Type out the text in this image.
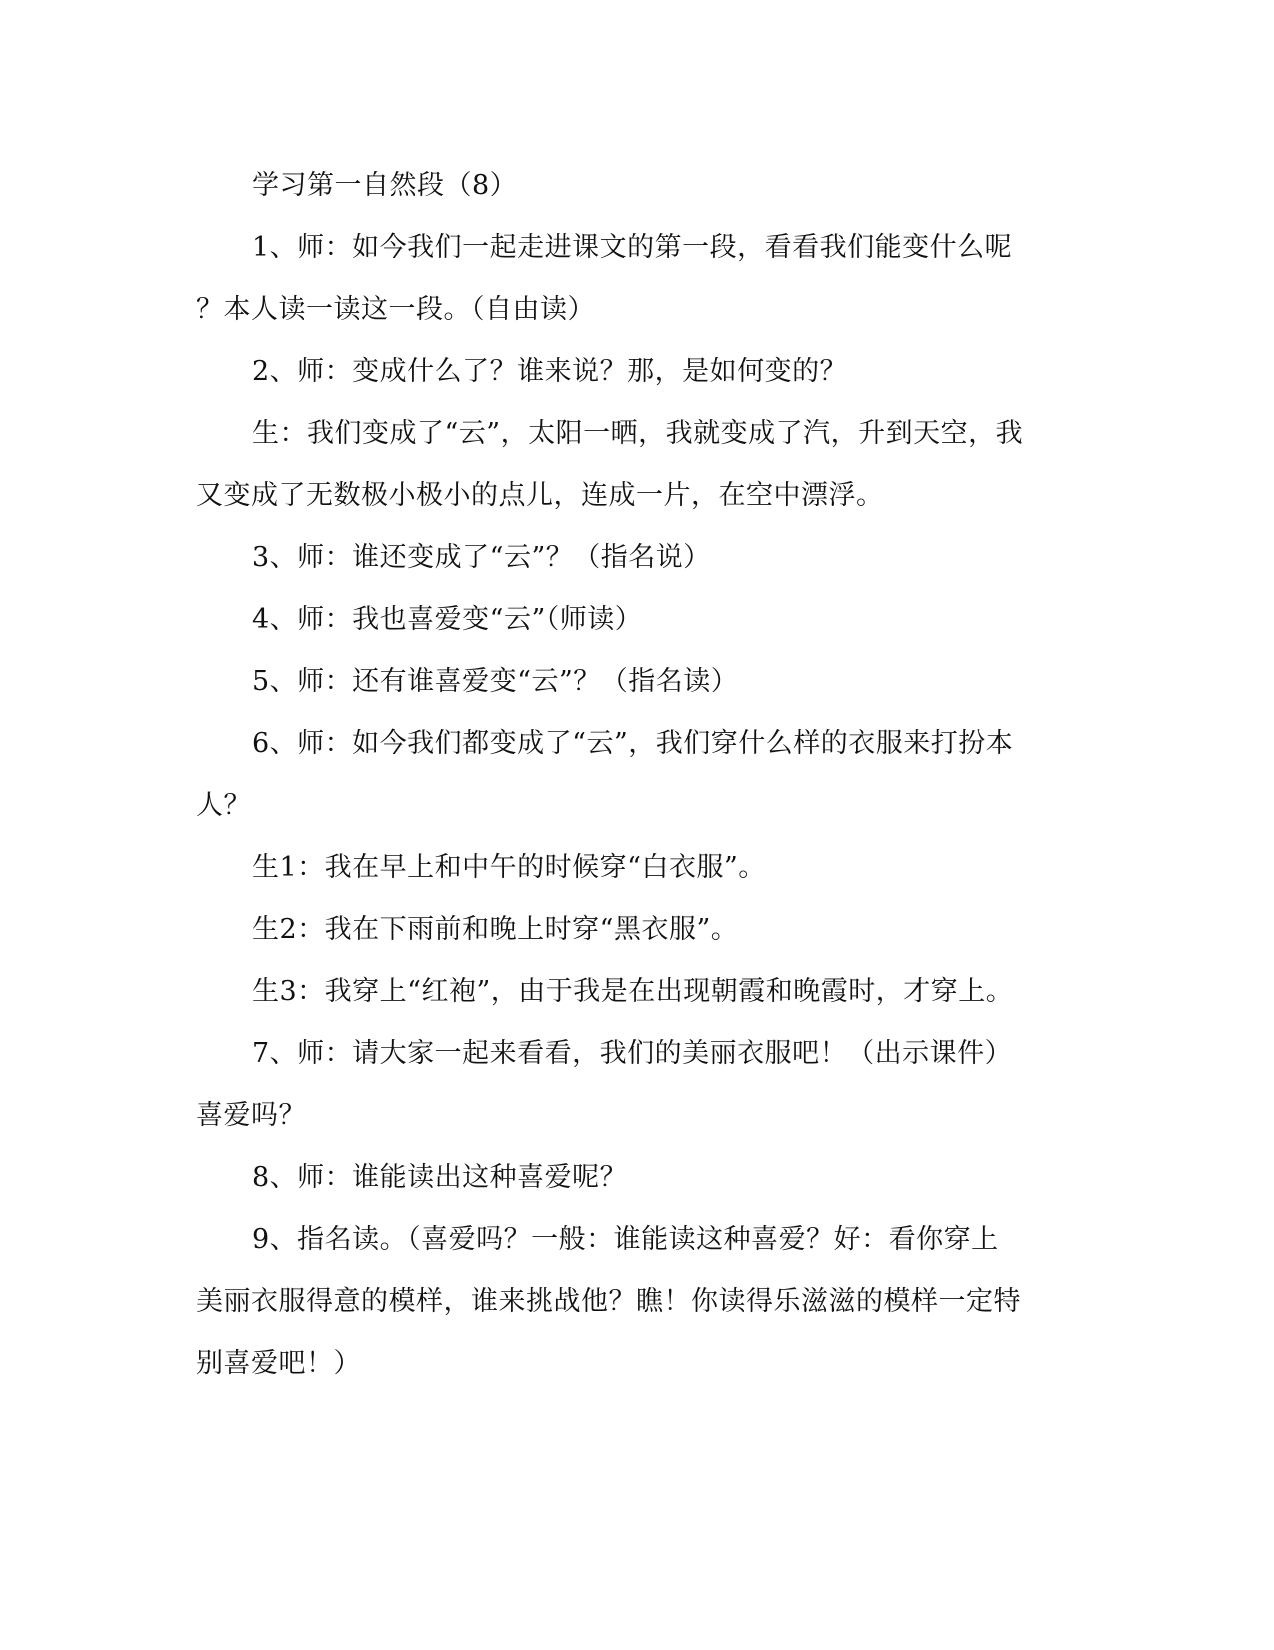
学习第一自然段（8）
1、师：如今我们一起走进课文的第一段，看看我们能变什么呢
？本人读一读这一段。（自由读）
2、师：变成什么了？谁来说？那，是如何变的？
生：我们变成了“云”，太阳一晒，我就变成了汽，升到天空，我
又变成了无数极小极小的点儿，连成一片，在空中漂浮。
3、师：谁还变成了“云”？（指名说）
4、师：我也喜爱变“云”（师读）
5、师：还有谁喜爱变“云”？（指名读）
6、师：如今我们都变成了“云”，我们穿什么样的衣服来打扮本
人？
生1：我在早上和中午的时候穿“白衣服”。
生2：我在下雨前和晚上时穿“黑衣服”。
生3：我穿上“红袍”，由于我是在出现朝霞和晚霞时，才穿上。
7、师：请大家一起来看看，我们的美丽衣服吧！（出示课件）
喜爱吗？
8、师：谁能读出这种喜爱呢？
9、指名读。（喜爱吗？一般：谁能读这种喜爱？好：看你穿上
美丽衣服得意的模样，谁来挑战他？瞧！你读得乐滋滋的模样一定特
别喜爱吧！）
